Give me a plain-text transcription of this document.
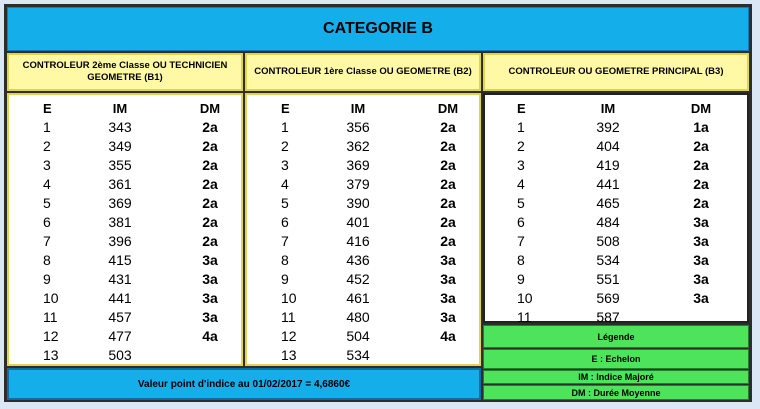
CATEGORIE B
CONTROLEUR 2ème Classe OU TECHNICIEN GEOMETRE (B1)
CONTROLEUR 1ère Classe OU GEOMETRE (B2)	CONTROLEUR OU GEOMETRE PRINCIPAL (B3)
E	IM	DM
1	343	2a
2	349	2a
3	355	2a
4	361	2a
5	369	2a
6	381	2a
7	396	2a
8	415	3a
9	431	3a
10	441	3a
11	457	3a
12	477	4a
13	503
E	IM	DM
1	356	2a
2	362	2a
3	369	2a
4	379	2a
5	390	2a
6	401	2a
7	416	2a
8	436	3a
9	452	3a
10	461	3a
11	480	3a
12	504	4a
13	534
E	IM	DM
1	392	1a
2	404	2a
3	419	2a
4	441	2a
5	465	2a
6	484	3a
7	508	3a
8	534	3a
9	551	3a
10	569	3a
11	587
Valeur point d'indice au 01/02/2017 = 4,6860€
Légende
E : Echelon
IM : Indice Majoré
DM : Durée Moyenne
